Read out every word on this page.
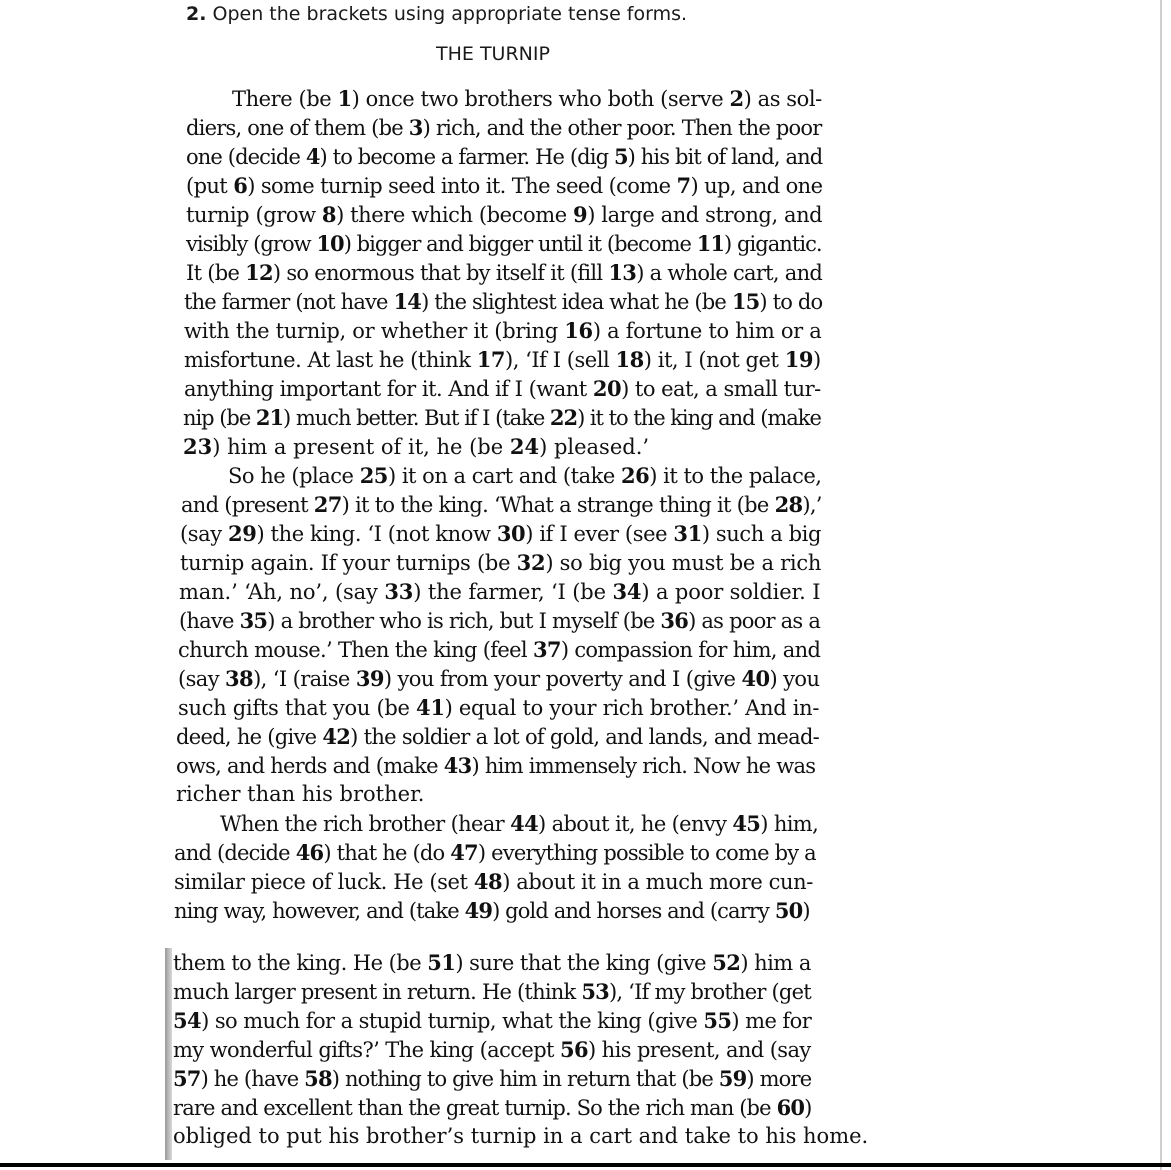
2. Open the brackets using appropriate tense forms.
THE TURNIP
There (be 1) once two brothers who both (serve 2) as sol-
diers, one of them (be 3) rich, and the other poor. Then the poor
one (decide 4) to become a farmer. He (dig 5) his bit of land, and
(put 6) some turnip seed into it. The seed (come 7) up, and one
turnip (grow 8) there which (become 9) large and strong, and
visibly (grow 10) bigger and bigger until it (become 11) gigantic.
It (be 12) so enormous that by itself it (fill 13) a whole cart, and
the farmer (not have 14) the slightest idea what he (be 15) to do
with the turnip, or whether it (bring 16) a fortune to him or a
misfortune. At last he (think 17), ‘If I (sell 18) it, I (not get 19)
anything important for it. And if I (want 20) to eat, a small tur-
nip (be 21) much better. But if I (take 22) it to the king and (make
23) him a present of it, he (be 24) pleased.’
So he (place 25) it on a cart and (take 26) it to the palace,
and (present 27) it to the king. ‘What a strange thing it (be 28),’
(say 29) the king. ‘I (not know 30) if I ever (see 31) such a big
turnip again. If your turnips (be 32) so big you must be a rich
man.’ ‘Ah, no’, (say 33) the farmer, ‘I (be 34) a poor soldier. I
(have 35) a brother who is rich, but I myself (be 36) as poor as a
church mouse.’ Then the king (feel 37) compassion for him, and
(say 38), ‘I (raise 39) you from your poverty and I (give 40) you
such gifts that you (be 41) equal to your rich brother.’ And in-
deed, he (give 42) the soldier a lot of gold, and lands, and mead-
ows, and herds and (make 43) him immensely rich. Now he was
richer than his brother.
When the rich brother (hear 44) about it, he (envy 45) him,
and (decide 46) that he (do 47) everything possible to come by a
similar piece of luck. He (set 48) about it in a much more cun-
ning way, however, and (take 49) gold and horses and (carry 50)
them to the king. He (be 51) sure that the king (give 52) him a
much larger present in return. He (think 53), ‘If my brother (get
54) so much for a stupid turnip, what the king (give 55) me for
my wonderful gifts?’ The king (accept 56) his present, and (say
57) he (have 58) nothing to give him in return that (be 59) more
rare and excellent than the great turnip. So the rich man (be 60)
obliged to put his brother’s turnip in a cart and take to his home.
